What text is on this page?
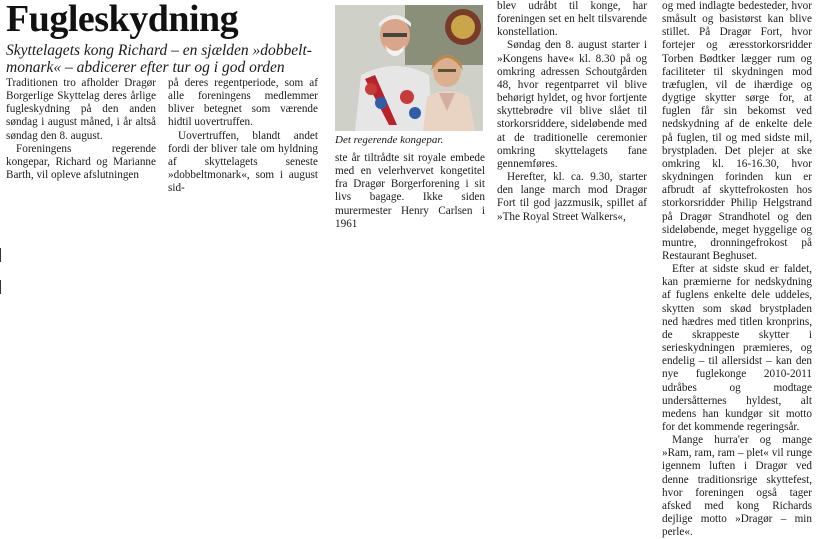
Fugleskydning

Skyttelagets kong Richard – en sjælden »dobbelt-monark« – abdicerer efter tur og i god orden

Traditionen tro afholder Dragør Borgerlige Skyttelag deres årlige fugleskydning på den anden søndag i august måned, i år altså søndag den 8. august.

Foreningens regerende kongepar, Richard og Marianne Barth, vil opleve afslutningen

på deres regentperiode, som af alle foreningens medlemmer bliver betegnet som værende hidtil uovertruffen.

Uovertruffen, blandt andet fordi der bliver tale om hyldning af skyttelagets seneste »dobbeltmonark«, som i august sid-

Det regerende kongepar.

ste år tiltrådte sit royale embede med en velerhvervet kongetitel fra Dragør Borgerforening i sit livs bagage. Ikke siden murermester Henry Carlsen i 1961

blev udråbt til konge, har foreningen set en helt tilsvarende konstellation.

Søndag den 8. august starter i »Kongens have« kl. 8.30 på og omkring adressen Schoutgården 48, hvor regentparret vil blive behørigt hyldet, og hvor fortjente skyttebrødre vil blive slået til storkorsriddere, sideløbende med at de traditionelle ceremonier omkring skyttelagets fane gennemføres.

Herefter, kl. ca. 9.30, starter den lange march mod Dragør Fort til god jazzmusik, spillet af »The Royal Street Walkers«,

og med indlagte bedesteder, hvor småsult og basistørst kan blive stillet. På Dragør Fort, hvor fortejer og æresstorkorsridder Torben Bødtker lægger rum og faciliteter til skydningen mod træfuglen, vil de ihærdige og dygtige skytter sørge for, at fuglen får sin bekomst ved nedskydning af de enkelte dele på fuglen, til og med sidste mil, brystpladen. Det plejer at ske omkring kl. 16-16.30, hvor skydningen forinden kun er afbrudt af skyttefrokosten hos storkorsridder Philip Helgstrand på Dragør Strandhotel og den sideløbende, meget hyggelige og muntre, dronningefrokost på Restaurant Beghuset.

Efter at sidste skud er faldet, kan præmierne for nedskydning af fuglens enkelte dele uddeles, skytten som skød brystpladen ned hædres med titlen kronprins, de skrappeste skytter i serieskydningen præmieres, og endelig – til allersidst – kan den nye fuglekonge 2010-2011 udråbes og modtage undersåtternes hyldest, alt medens han kundgør sit motto for det kommende regeringsår.

Mange hurra'er og mange »Ram, ram, ram – plet« vil runge igennem luften i Dragør ved denne traditionsrige skyttefest, hvor foreningen også tager afsked med kong Richards dejlige motto »Dragør – min perle«.
